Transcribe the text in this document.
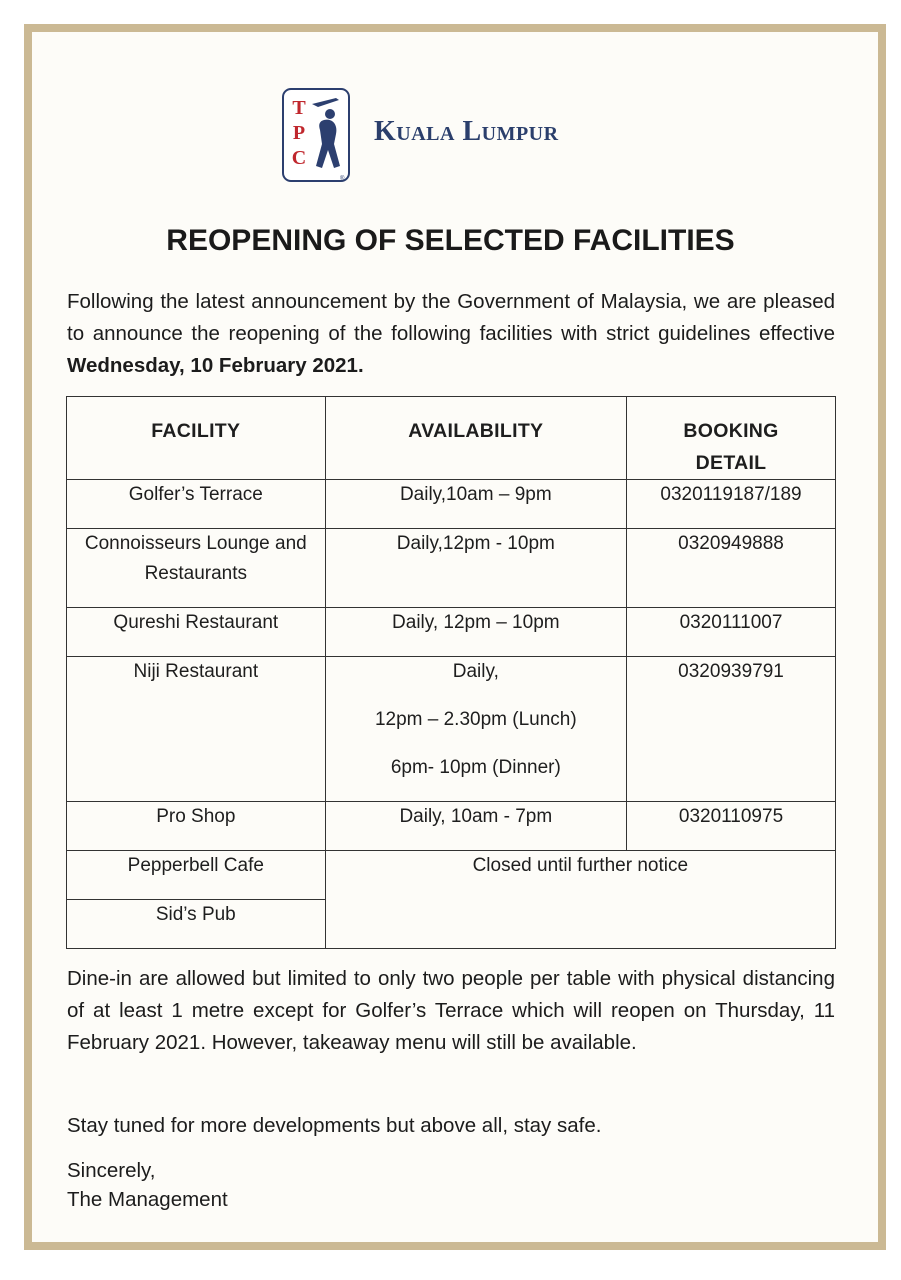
T
P
C
®
Kuala Lumpur
REOPENING OF SELECTED FACILITIES

Following the latest announcement by the Government of Malaysia, we are pleased to announce the reopening of the following facilities with strict guidelines effective Wednesday, 10 February 2021.

FACILITY	AVAILABILITY	BOOKING DETAIL
Golfer’s Terrace	Daily,10am – 9pm	0320119187/189
Connoisseurs Lounge and Restaurants	Daily,12pm - 10pm	0320949888
Qureshi Restaurant	Daily, 12pm – 10pm	0320111007
Niji Restaurant	Daily,
12pm – 2.30pm (Lunch)
6pm- 10pm (Dinner)	0320939791
Pro Shop	Daily, 10am - 7pm	0320110975
Pepperbell Cafe	Closed until further notice	
Sid’s Pub		

Dine-in are allowed but limited to only two people per table with physical distancing of at least 1 metre except for Golfer’s Terrace which will reopen on Thursday, 11 February 2021. However, takeaway menu will still be available.

Stay tuned for more developments but above all, stay safe.

Sincerely,
The Management
